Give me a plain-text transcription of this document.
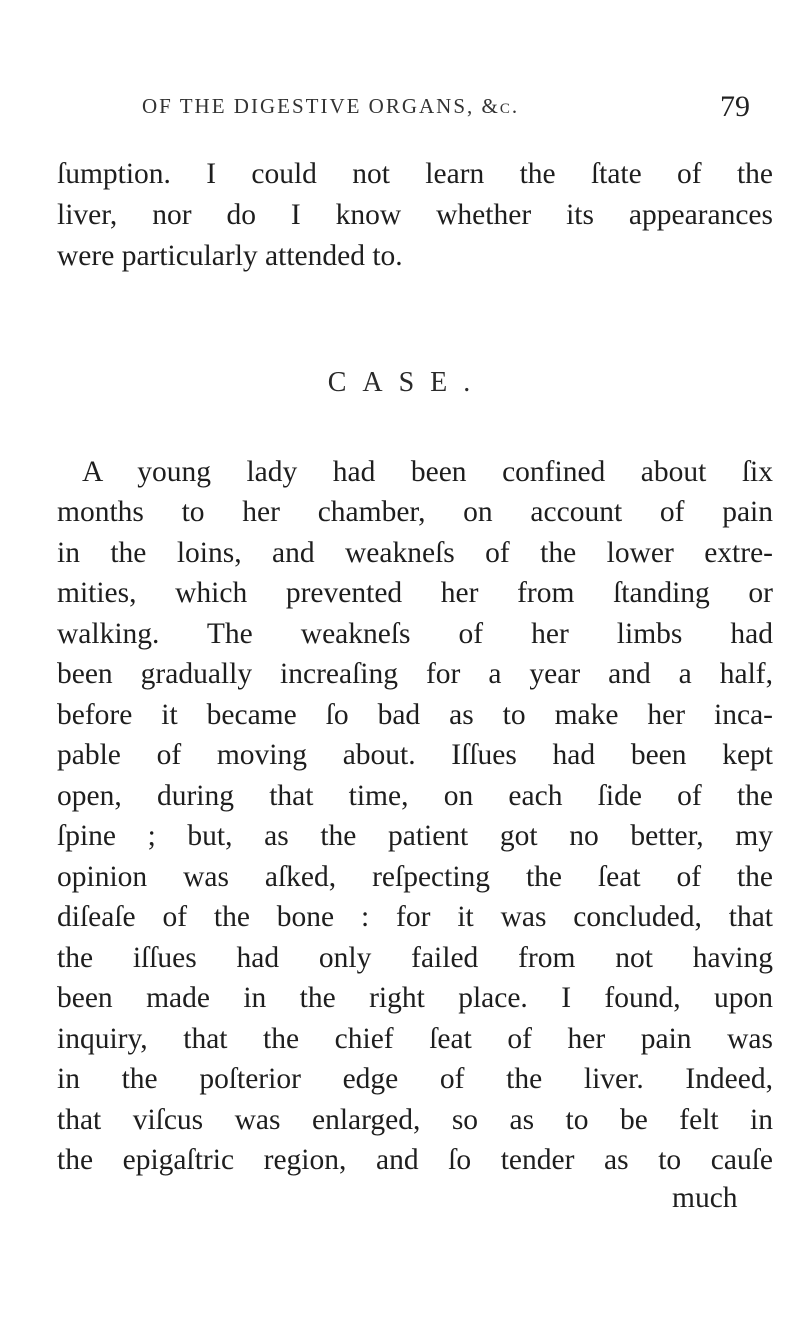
OF THE DIGESTIVE ORGANS, &c.	79
ſumption. I could not learn the ſtate of the
liver, nor do I know whether its appearances
were particularly attended to.
CASE.
A young lady had been confined about ſix
months to her chamber, on account of pain
in the loins, and weakneſs of the lower extre-
mities, which prevented her from ſtanding or
walking. The weakneſs of her limbs had
been gradually increaſing for a year and a half,
before it became ſo bad as to make her inca-
pable of moving about. Iſſues had been kept
open, during that time, on each ſide of the
ſpine ; but, as the patient got no better, my
opinion was aſked, reſpecting the ſeat of the
diſeaſe of the bone : for it was concluded, that
the iſſues had only failed from not having
been made in the right place. I found, upon
inquiry, that the chief ſeat of her pain was
in the poſterior edge of the liver. Indeed,
that viſcus was enlarged, so as to be felt in
the epigaſtric region, and ſo tender as to cauſe
much
